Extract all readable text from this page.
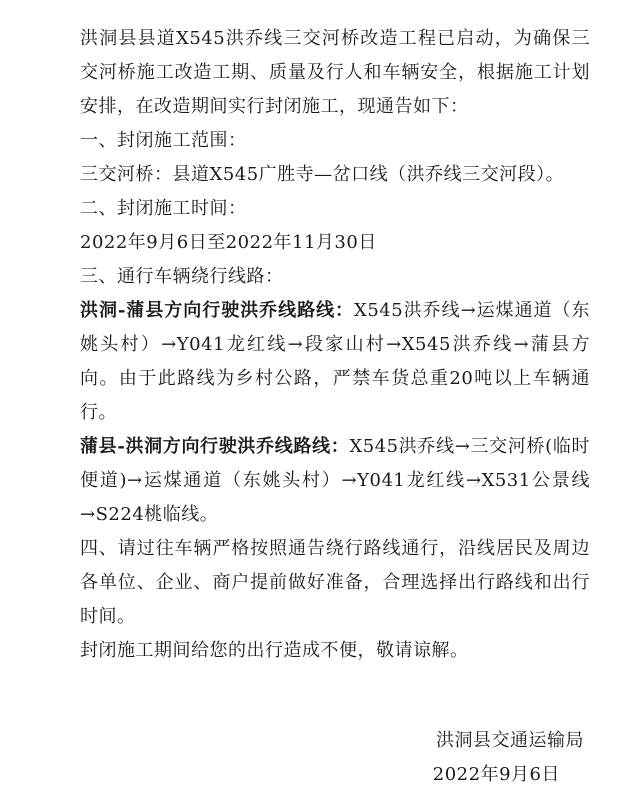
洪洞县县道X545洪乔线三交河桥改造工程已启动，为确保三交河桥施工改造工期、质量及行人和车辆安全，根据施工计划安排，在改造期间实行封闭施工，现通告如下：

一、封闭施工范围：

三交河桥：县道X545广胜寺—岔口线（洪乔线三交河段）。

二、封闭施工时间：

2022年9月6日至2022年11月30日

三、通行车辆绕行线路：

洪洞-蒲县方向行驶洪乔线路线：X545洪乔线→运煤通道（东姚头村）→Y041龙红线→段家山村→X545洪乔线→蒲县方向。由于此路线为乡村公路，严禁车货总重20吨以上车辆通行。

蒲县-洪洞方向行驶洪乔线路线：X545洪乔线→三交河桥(临时便道)→运煤通道（东姚头村）→Y041龙红线→X531公景线→S224桃临线。

四、请过往车辆严格按照通告绕行路线通行，沿线居民及周边各单位、企业、商户提前做好准备，合理选择出行路线和出行时间。

封闭施工期间给您的出行造成不便，敬请谅解。

洪洞县交通运输局
2022年9月6日
